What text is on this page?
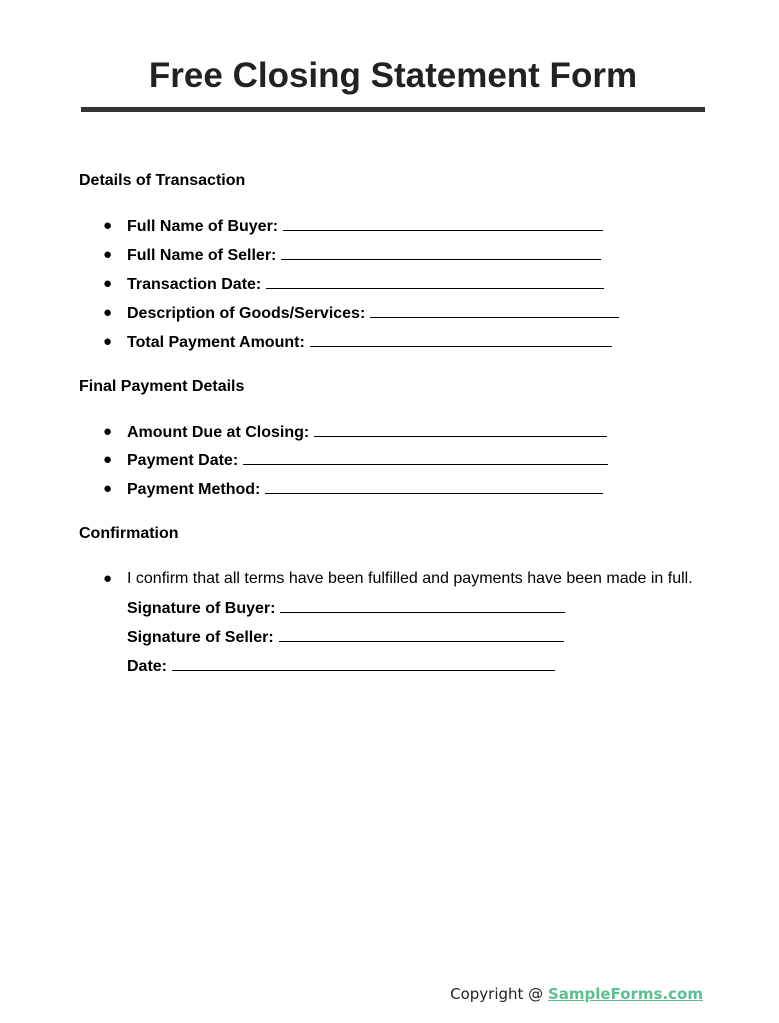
Free Closing Statement Form
Details of Transaction
● Full Name of Buyer:
● Full Name of Seller:
● Transaction Date:
● Description of Goods/Services:
● Total Payment Amount:
Final Payment Details
● Amount Due at Closing:
● Payment Date:
● Payment Method:
Confirmation
● I confirm that all terms have been fulfilled and payments have been made in full.
Signature of Buyer:
Signature of Seller:
Date:
Copyright @ SampleForms.com
